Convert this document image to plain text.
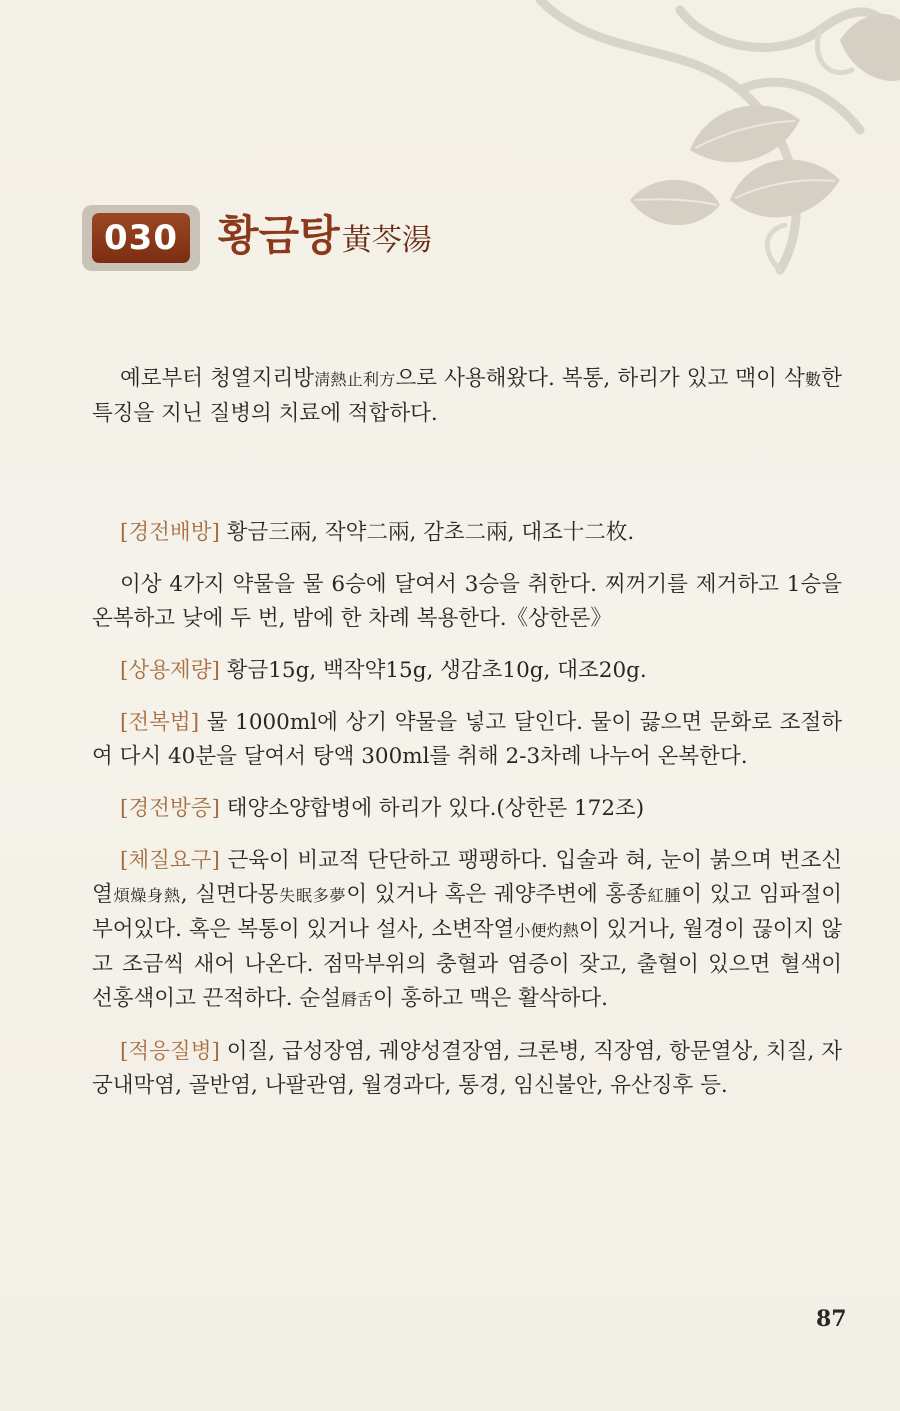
030 황금탕黃芩湯

예로부터 청열지리방淸熱止利方으로 사용해왔다. 복통, 하리가 있고 맥이 삭數한 특징을 지닌 질병의 치료에 적합하다.

[경전배방] 황금三兩, 작약二兩, 감초二兩, 대조十二枚.

이상 4가지 약물을 물 6승에 달여서 3승을 취한다. 찌꺼기를 제거하고 1승을 온복하고 낮에 두 번, 밤에 한 차례 복용한다.《상한론》

[상용제량] 황금15g, 백작약15g, 생감초10g, 대조20g.

[전복법] 물 1000ml에 상기 약물을 넣고 달인다. 물이 끓으면 문화로 조절하여 다시 40분을 달여서 탕액 300ml를 취해 2-3차례 나누어 온복한다.

[경전방증] 태양소양합병에 하리가 있다.(상한론 172조)

[체질요구] 근육이 비교적 단단하고 팽팽하다. 입술과 혀, 눈이 붉으며 번조신열煩燥身熱, 실면다몽失眠多夢이 있거나 혹은 궤양주변에 홍종紅腫이 있고 임파절이 부어있다. 혹은 복통이 있거나 설사, 소변작열小便灼熱이 있거나, 월경이 끊이지 않고 조금씩 새어 나온다. 점막부위의 충혈과 염증이 잦고, 출혈이 있으면 혈색이 선홍색이고 끈적하다. 순설脣舌이 홍하고 맥은 활삭하다.

[적응질병] 이질, 급성장염, 궤양성결장염, 크론병, 직장염, 항문열상, 치질, 자궁내막염, 골반염, 나팔관염, 월경과다, 통경, 임신불안, 유산징후 등.

87
